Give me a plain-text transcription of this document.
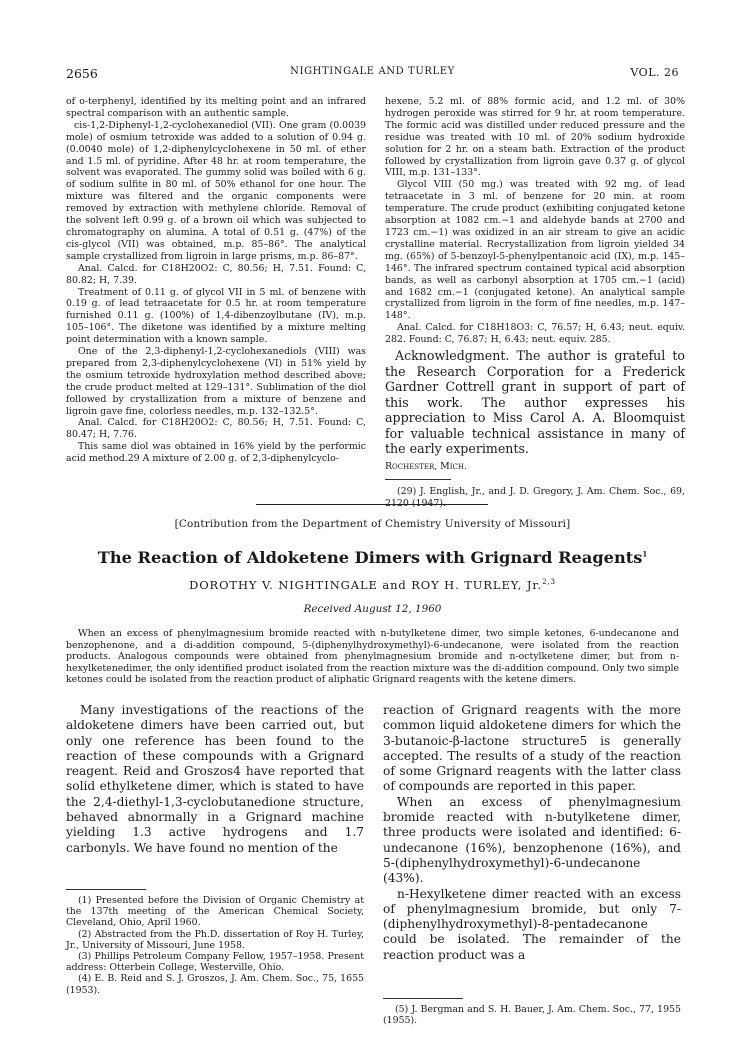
2656	NIGHTINGALE AND TURLEY	VOL. 26

of o-terphenyl, identified by its melting point and an infrared spectral comparison with an authentic sample.

cis-1,2-Diphenyl-1,2-cyclohexanediol (VII). One gram (0.0039 mole) of osmium tetroxide was added to a solution of 0.94 g. (0.0040 mole) of 1,2-diphenylcyclohexene in 50 ml. of ether and 1.5 ml. of pyridine. After 48 hr. at room temperature, the solvent was evaporated. The gummy solid was boiled with 6 g. of sodium sulfite in 80 ml. of 50% ethanol for one hour. The mixture was filtered and the organic components were removed by extraction with methylene chloride. Removal of the solvent left 0.99 g. of a brown oil which was subjected to chromatography on alumina. A total of 0.51 g. (47%) of the cis-glycol (VII) was obtained, m.p. 85–86°. The analytical sample crystallized from ligroin in large prisms, m.p. 86–87°.

Anal. Calcd. for C18H20O2: C, 80.56; H, 7.51. Found: C, 80.82; H, 7.39.

Treatment of 0.11 g. of glycol VII in 5 ml. of benzene with 0.19 g. of lead tetraacetate for 0.5 hr. at room temperature furnished 0.11 g. (100%) of 1,4-dibenzoylbutane (IV), m.p. 105–106°. The diketone was identified by a mixture melting point determination with a known sample.

One of the 2,3-diphenyl-1,2-cyclohexanediols (VIII) was prepared from 2,3-diphenylcyclohexene (VI) in 51% yield by the osmium tetroxide hydroxylation method described above; the crude product melted at 129–131°. Sublimation of the diol followed by crystallization from a mixture of benzene and ligroin gave fine, colorless needles, m.p. 132–132.5°.

Anal. Calcd. for C18H20O2: C, 80.56; H, 7.51. Found: C, 80.47; H, 7.76.

This same diol was obtained in 16% yield by the performic acid method.29 A mixture of 2.00 g. of 2,3-diphenylcyclo-

hexene, 5.2 ml. of 88% formic acid, and 1.2 ml. of 30% hydrogen peroxide was stirred for 9 hr. at room temperature. The formic acid was distilled under reduced pressure and the residue was treated with 10 ml. of 20% sodium hydroxide solution for 2 hr. on a steam bath. Extraction of the product followed by crystallization from ligroin gave 0.37 g. of glycol VIII, m.p. 131–133°.

Glycol VIII (50 mg.) was treated with 92 mg. of lead tetraacetate in 3 ml. of benzene for 20 min. at room temperature. The crude product (exhibiting conjugated ketone absorption at 1082 cm.−1 and aldehyde bands at 2700 and 1723 cm.−1) was oxidized in an air stream to give an acidic crystalline material. Recrystallization from ligroin yielded 34 mg. (65%) of 5-benzoyl-5-phenylpentanoic acid (IX), m.p. 145–146°. The infrared spectrum contained typical acid absorption bands, as well as carbonyl absorption at 1705 cm.−1 (acid) and 1682 cm.−1 (conjugated ketone). An analytical sample crystallized from ligroin in the form of fine needles, m.p. 147–148°.

Anal. Calcd. for C18H18O3: C, 76.57; H, 6.43; neut. equiv. 282. Found: C, 76.87; H, 6.43; neut. equiv. 285.

Acknowledgment. The author is grateful to the Research Corporation for a Frederick Gardner Cottrell grant in support of part of this work. The author expresses his appreciation to Miss Carol A. A. Bloomquist for valuable technical assistance in many of the early experiments.

Rochester, Mich.

(29) J. English, Jr., and J. D. Gregory, J. Am. Chem. Soc., 69,

[Contribution from the Department of Chemistry University of Missouri]
The Reaction of Aldoketene Dimers with Grignard Reagents$^1$
DOROTHY V. NIGHTINGALE and ROY H. TURLEY, Jr.$^{2,3}$
Received August 12, 1960

When an excess of phenylmagnesium bromide reacted with n-butylketene dimer, two simple ketones, 6-undecanone and benzophenone, and a di-addition compound, 5-(diphenylhydroxymethyl)-6-undecanone, were isolated from the reaction products. Analogous compounds were obtained from phenylmagnesium bromide and n-octylketene dimer, but from n-hexylketenedimer, the only identified product isolated from the reaction mixture was the di-addition compound. Only two simple ketones could be isolated from the reaction product of aliphatic Grignard reagents with the ketene dimers.

Many investigations of the reactions of the aldoketene dimers have been carried out, but only one reference has been found to the reaction of these compounds with a Grignard reagent. Reid and Groszos4 have reported that solid ethylketene dimer, which is stated to have the 2,4-diethyl-1,3-cyclobutanedione structure, behaved abnormally in a Grignard machine yielding 1.3 active hydrogens and 1.7 carbonyls. We have found no mention of the

(1) Presented before the Division of Organic Chemistry at the 137th meeting of the American Chemical Society, Cleveland, Ohio, April 1960.

(2) Abstracted from the Ph.D. dissertation of Roy H. Turley, Jr., University of Missouri, June 1958.

(3) Phillips Petroleum Company Fellow, 1957–1958. Present address: Otterbein College, Westerville, Ohio.

(4) E. B. Reid and S. J. Groszos, J. Am. Chem. Soc., 75, 1655 (1953).

reaction of Grignard reagents with the more common liquid aldoketene dimers for which the 3-butanoic-β-lactone structure5 is generally accepted. The results of a study of the reaction of some Grignard reagents with the latter class of compounds are reported in this paper.

When an excess of phenylmagnesium bromide reacted with n-butylketene dimer, three products were isolated and identified: 6-undecanone (16%), benzophenone (16%), and 5-(diphenylhydroxymethyl)-6-undecanone (43%).

n-Hexylketene dimer reacted with an excess of phenylmagnesium bromide, but only 7-(diphenylhydroxymethyl)-8-pentadecanone could be isolated. The remainder of the reaction product was a

(5) J. Bergman and S. H. Bauer, J. Am. Chem. Soc., 77, 1955 (1955).
